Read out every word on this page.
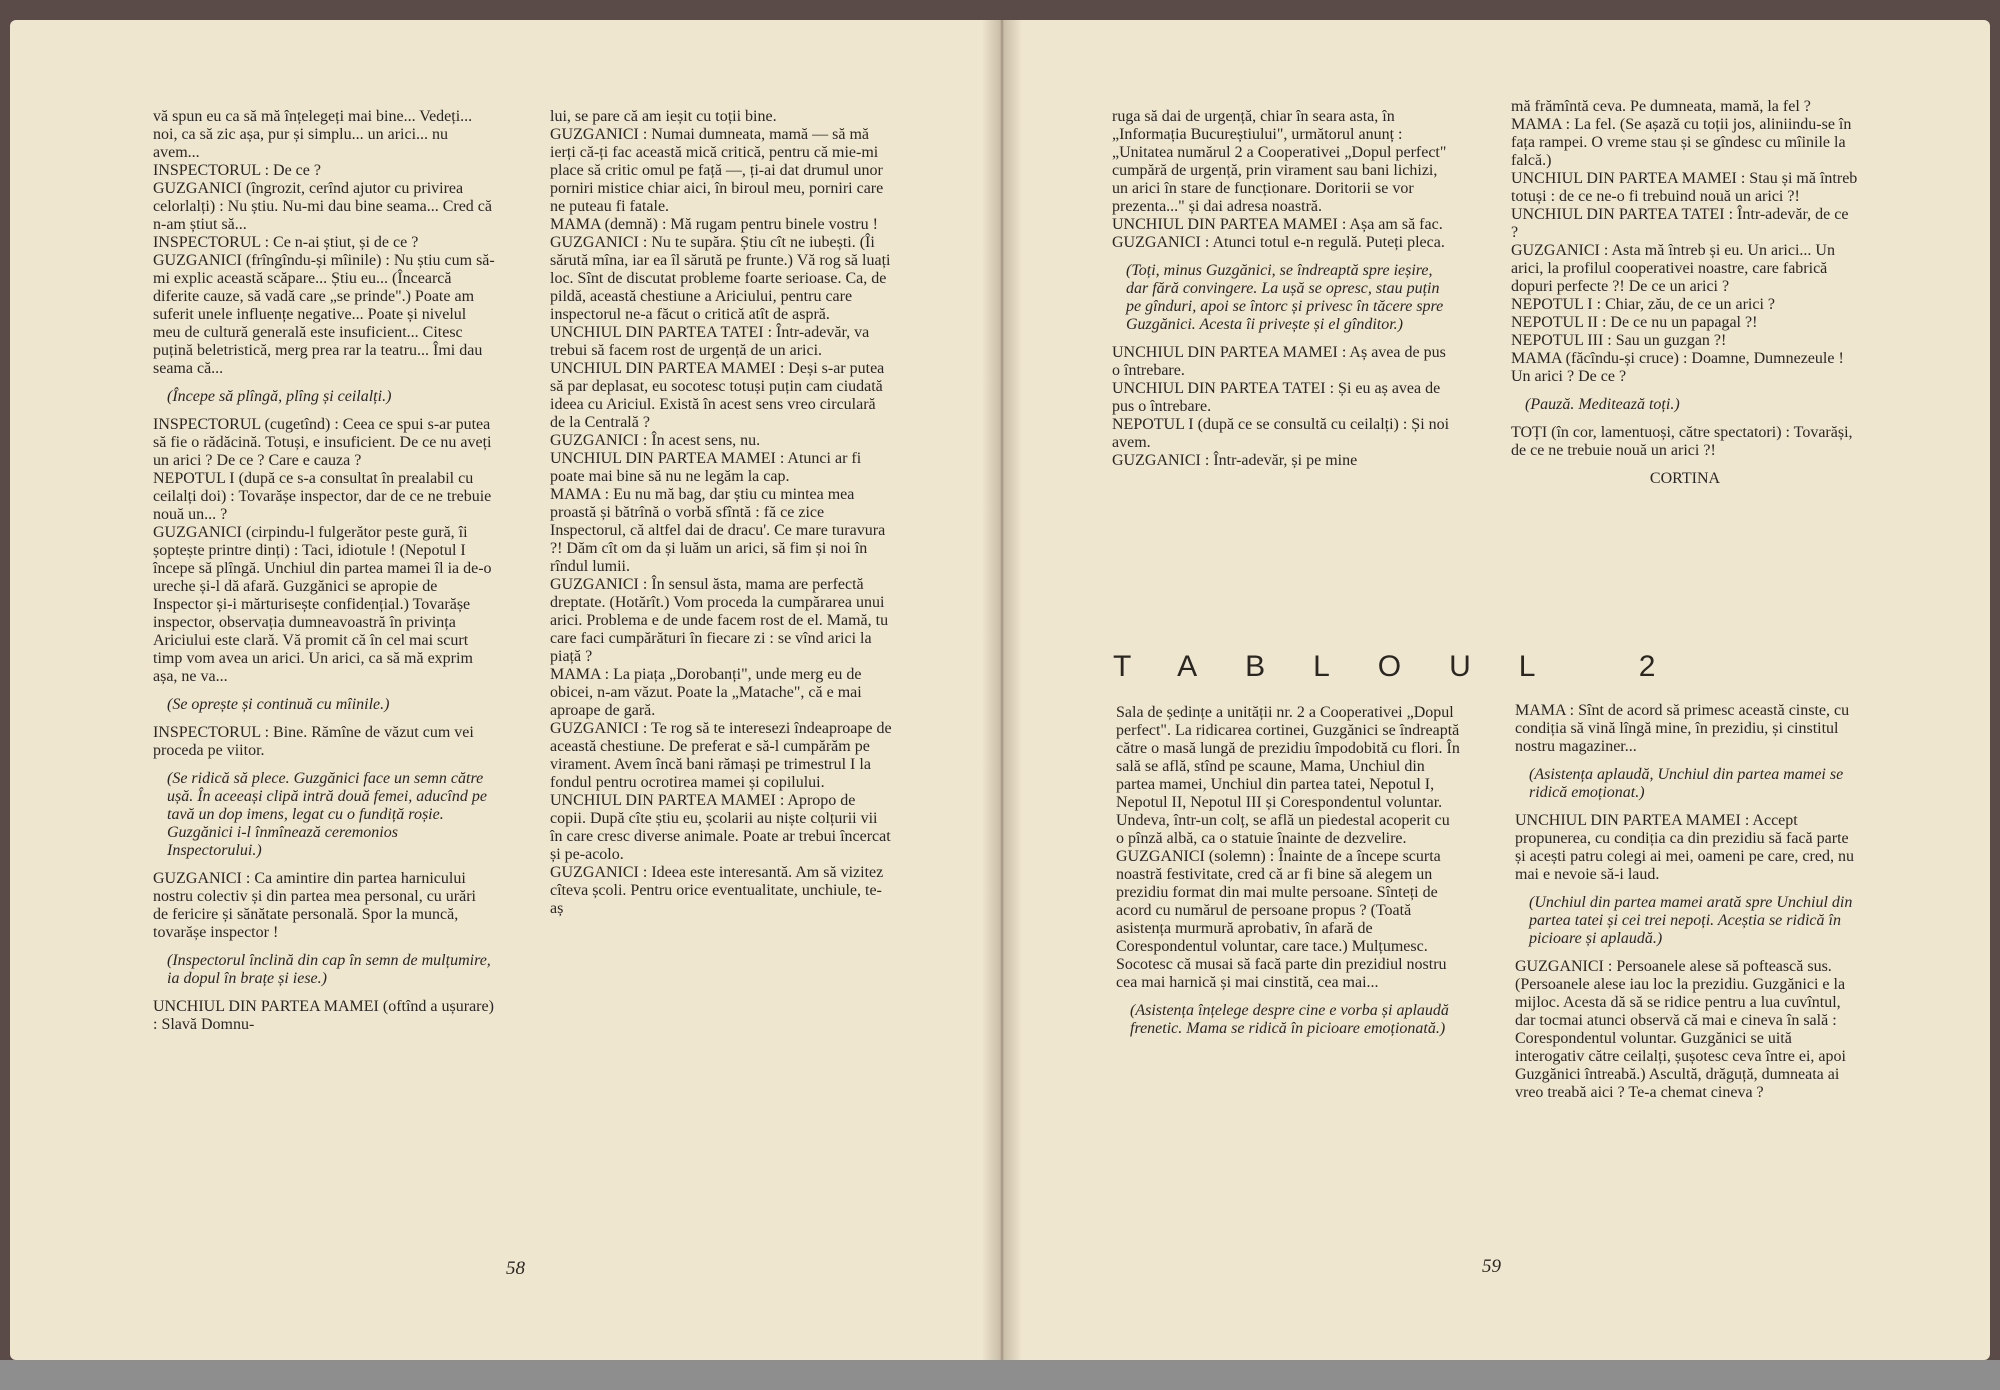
vă spun eu ca să mă înțelegeți mai bine... Vedeți... noi, ca să zic așa, pur și simplu... un arici... nu avem...

INSPECTORUL : De ce ?

GUZGANICI (îngrozit, cerînd ajutor cu privirea celorlalți) : Nu știu. Nu-mi dau bine seama... Cred că n-am știut să...

INSPECTORUL : Ce n-ai știut, și de ce ?

GUZGANICI (frîngîndu-și mîinile) : Nu știu cum să-mi explic această scăpare... Știu eu... (Încearcă diferite cauze, să vadă care „se prinde".) Poate am suferit unele influențe negative... Poate și nivelul meu de cultură generală este insuficient... Citesc puțină beletristică, merg prea rar la teatru... Îmi dau seama că...

(Începe să plîngă, plîng și ceilalți.)

INSPECTORUL (cugetînd) : Ceea ce spui s-ar putea să fie o rădăcină. Totuși, e insuficient. De ce nu aveți un arici ? De ce ? Care e cauza ?

NEPOTUL I (după ce s-a consultat în prealabil cu ceilalți doi) : Tovarășe inspector, dar de ce ne trebuie nouă un... ?

GUZGANICI (cirpindu-l fulgerător peste gură, îi șoptește printre dinți) : Taci, idiotule ! (Nepotul I începe să plîngă. Unchiul din partea mamei îl ia de-o ureche și-l dă afară. Guzgănici se apropie de Inspector și-i mărturisește confidențial.) Tovarășe inspector, observația dumneavoastră în privința Ariciului este clară. Vă promit că în cel mai scurt timp vom avea un arici. Un arici, ca să mă exprim așa, ne va...

(Se oprește și continuă cu mîinile.)

INSPECTORUL : Bine. Rămîne de văzut cum vei proceda pe viitor.

(Se ridică să plece. Guzgănici face un semn către ușă. În aceeași clipă intră două femei, aducînd pe tavă un dop imens, legat cu o fundiță roșie. Guzgănici i-l înmînează ceremonios Inspectorului.)

GUZGANICI : Ca amintire din partea harnicului nostru colectiv și din partea mea personal, cu urări de fericire și sănătate personală. Spor la muncă, tovarășe inspector !

(Inspectorul înclină din cap în semn de mulțumire, ia dopul în brațe și iese.)

UNCHIUL DIN PARTEA MAMEI (oftînd a ușurare) : Slavă Domnu-

lui, se pare că am ieșit cu toții bine.

GUZGANICI : Numai dumneata, mamă — să mă ierți că-ți fac această mică critică, pentru că mie-mi place să critic omul pe față —, ți-ai dat drumul unor porniri mistice chiar aici, în biroul meu, porniri care ne puteau fi fatale.

MAMA (demnă) : Mă rugam pentru binele vostru !

GUZGANICI : Nu te supăra. Știu cît ne iubești. (Îi sărută mîna, iar ea îl sărută pe frunte.) Vă rog să luați loc. Sînt de discutat probleme foarte serioase. Ca, de pildă, această chestiune a Ariciului, pentru care inspectorul ne-a făcut o critică atît de aspră.

UNCHIUL DIN PARTEA TATEI : Într-adevăr, va trebui să facem rost de urgență de un arici.

UNCHIUL DIN PARTEA MAMEI : Deși s-ar putea să par deplasat, eu socotesc totuși puțin cam ciudată ideea cu Ariciul. Există în acest sens vreo circulară de la Centrală ?

GUZGANICI : În acest sens, nu.

UNCHIUL DIN PARTEA MAMEI : Atunci ar fi poate mai bine să nu ne legăm la cap.

MAMA : Eu nu mă bag, dar știu cu mintea mea proastă și bătrînă o vorbă sfîntă : fă ce zice Inspectorul, că altfel dai de dracu'. Ce mare turavura ?! Dăm cît om da și luăm un arici, să fim și noi în rîndul lumii.

GUZGANICI : În sensul ăsta, mama are perfectă dreptate. (Hotărît.) Vom proceda la cumpărarea unui arici. Problema e de unde facem rost de el. Mamă, tu care faci cumpărături în fiecare zi : se vînd arici la piață ?

MAMA : La piața „Dorobanți", unde merg eu de obicei, n-am văzut. Poate la „Matache", că e mai aproape de gară.

GUZGANICI : Te rog să te interesezi îndeaproape de această chestiune. De preferat e să-l cumpărăm pe virament. Avem încă bani rămași pe trimestrul I la fondul pentru ocrotirea mamei și copilului.

UNCHIUL DIN PARTEA MAMEI : Apropo de copii. După cîte știu eu, școlarii au niște colțurii vii în care cresc diverse animale. Poate ar trebui încercat și pe-acolo.

GUZGANICI : Ideea este interesantă. Am să vizitez cîteva școli. Pentru orice eventualitate, unchiule, te-aș

58

ruga să dai de urgență, chiar în seara asta, în „Informația Bucureștiului", următorul anunț : „Unitatea numărul 2 a Cooperativei „Dopul perfect" cumpără de urgență, prin virament sau bani lichizi, un arici în stare de funcționare. Doritorii se vor prezenta..." și dai adresa noastră.

UNCHIUL DIN PARTEA MAMEI : Așa am să fac.

GUZGANICI : Atunci totul e-n regulă. Puteți pleca.

(Toți, minus Guzgănici, se îndreaptă spre ieșire, dar fără convingere. La ușă se opresc, stau puțin pe gînduri, apoi se întorc și privesc în tăcere spre Guzgănici. Acesta îi privește și el gînditor.)

UNCHIUL DIN PARTEA MAMEI : Aș avea de pus o întrebare.

UNCHIUL DIN PARTEA TATEI : Și eu aș avea de pus o întrebare.

NEPOTUL I (după ce se consultă cu ceilalți) : Și noi avem.

GUZGANICI : Într-adevăr, și pe mine

mă frămîntă ceva. Pe dumneata, mamă, la fel ?

MAMA : La fel. (Se așază cu toții jos, aliniindu-se în fața rampei. O vreme stau și se gîndesc cu mîinile la falcă.)

UNCHIUL DIN PARTEA MAMEI : Stau și mă întreb totuși : de ce ne-o fi trebuind nouă un arici ?!

UNCHIUL DIN PARTEA TATEI : Într-adevăr, de ce ?

GUZGANICI : Asta mă întreb și eu. Un arici... Un arici, la profilul cooperativei noastre, care fabrică dopuri perfecte ?! De ce un arici ?

NEPOTUL I : Chiar, zău, de ce un arici ?

NEPOTUL II : De ce nu un papagal ?!

NEPOTUL III : Sau un guzgan ?!

MAMA (făcîndu-și cruce) : Doamne, Dumnezeule ! Un arici ? De ce ?

(Pauză. Meditează toți.)

TOȚI (în cor, lamentuoși, către spectatori) : Tovarăși, de ce ne trebuie nouă un arici ?!

CORTINA

TABLOUL 2

Sala de ședințe a unității nr. 2 a Cooperativei „Dopul perfect". La ridicarea cortinei, Guzgănici se îndreaptă către o masă lungă de prezidiu împodobită cu flori. În sală se află, stînd pe scaune, Mama, Unchiul din partea mamei, Unchiul din partea tatei, Nepotul I, Nepotul II, Nepotul III și Corespondentul voluntar. Undeva, într-un colț, se află un piedestal acoperit cu o pînză albă, ca o statuie înainte de dezvelire.

GUZGANICI (solemn) : Înainte de a începe scurta noastră festivitate, cred că ar fi bine să alegem un prezidiu format din mai multe persoane. Sînteți de acord cu numărul de persoane propus ? (Toată asistența murmură aprobativ, în afară de Corespondentul voluntar, care tace.) Mulțumesc. Socotesc că musai să facă parte din prezidiul nostru cea mai harnică și mai cinstită, cea mai...

(Asistența înțelege despre cine e vorba și aplaudă frenetic. Mama se ridică în picioare emoționată.)

MAMA : Sînt de acord să primesc această cinste, cu condiția să vină lîngă mine, în prezidiu, și cinstitul nostru magaziner...

(Asistența aplaudă, Unchiul din partea mamei se ridică emoționat.)

UNCHIUL DIN PARTEA MAMEI : Accept propunerea, cu condiția ca din prezidiu să facă parte și acești patru colegi ai mei, oameni pe care, cred, nu mai e nevoie să-i laud.

(Unchiul din partea mamei arată spre Unchiul din partea tatei și cei trei nepoți. Aceștia se ridică în picioare și aplaudă.)

GUZGANICI : Persoanele alese să poftească sus. (Persoanele alese iau loc la prezidiu. Guzgănici e la mijloc. Acesta dă să se ridice pentru a lua cuvîntul, dar tocmai atunci observă că mai e cineva în sală : Corespondentul voluntar. Guzgănici se uită interogativ către ceilalți, șușotesc ceva între ei, apoi Guzgănici întreabă.) Ascultă, drăguță, dumneata ai vreo treabă aici ? Te-a chemat cineva ?

59
